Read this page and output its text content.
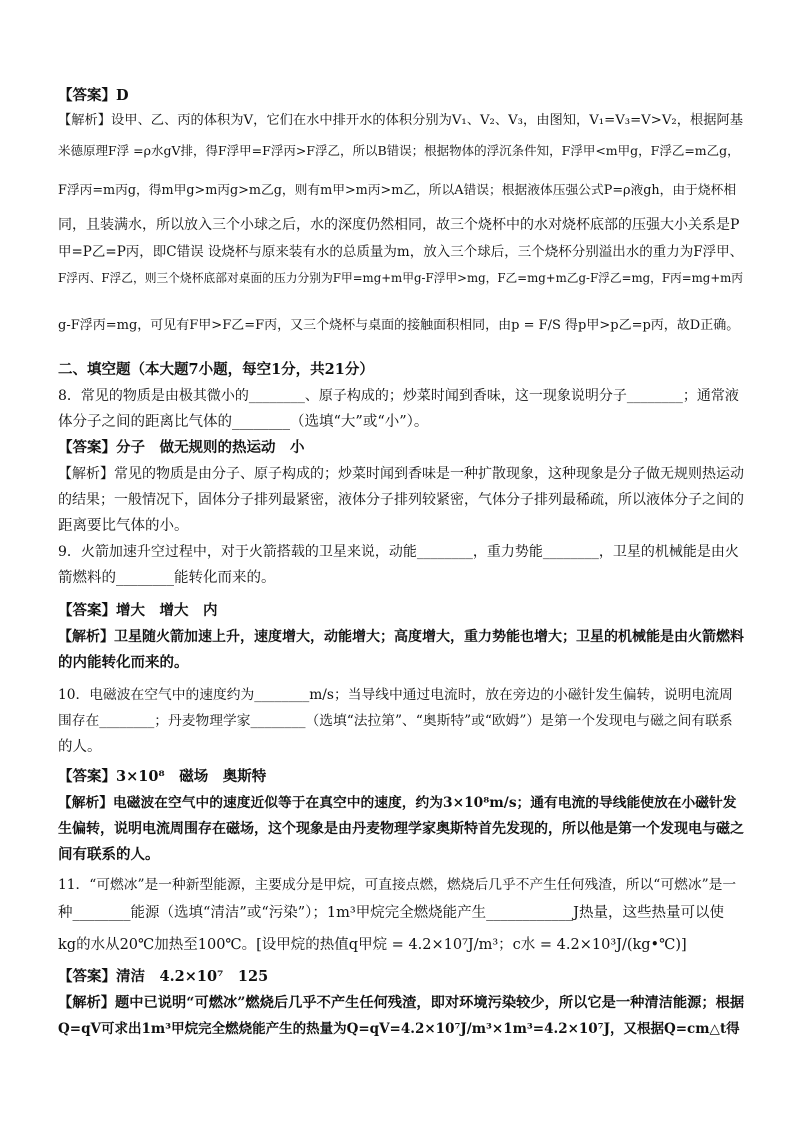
【答案】D
【解析】设甲、乙、丙的体积为V，它们在水中排开水的体积分别为V₁、V₂、V₃，由图知，V₁=V₃=V>V₂，根据阿基
米德原理F浮 =ρ水gV排，得F浮甲=F浮丙>F浮乙，所以B错误；根据物体的浮沉条件知，F浮甲<m甲g，F浮乙=m乙g，
F浮丙=m丙g，得m甲g>m丙g>m乙g，则有m甲>m丙>m乙，所以A错误；根据液体压强公式P=ρ液gh，由于烧杯相
同，且装满水，所以放入三个小球之后，水的深度仍然相同，故三个烧杯中的水对烧杯底部的压强大小关系是P
甲=P乙=P丙，即C错误 设烧杯与原来装有水的总质量为m，放入三个球后，三个烧杯分别溢出水的重力为F浮甲、
F浮丙、F浮乙，则三个烧杯底部对桌面的压力分别为F甲=mg+m甲g-F浮甲>mg，F乙=mg+m乙g-F浮乙=mg，F丙=mg+m丙
g-F浮丙=mg，可见有F甲>F乙=F丙，又三个烧杯与桌面的接触面积相同，由p = F/S 得p甲>p乙=p丙，故D正确。
二、填空题（本大题7小题，每空1分，共21分）
8．常见的物质是由极其微小的________、原子构成的；炒菜时闻到香味，这一现象说明分子________；通常液
体分子之间的距离比气体的________（选填“大”或“小”）。
【答案】分子　做无规则的热运动　小
【解析】常见的物质是由分子、原子构成的；炒菜时闻到香味是一种扩散现象，这种现象是分子做无规则热运动
的结果；一般情况下，固体分子排列最紧密，液体分子排列较紧密，气体分子排列最稀疏，所以液体分子之间的
距离要比气体的小。
9．火箭加速升空过程中，对于火箭搭载的卫星来说，动能________，重力势能________，卫星的机械能是由火
箭燃料的________能转化而来的。
【答案】增大　增大　内
【解析】卫星随火箭加速上升，速度增大，动能增大；高度增大，重力势能也增大；卫星的机械能是由火箭燃料
的内能转化而来的。
10．电磁波在空气中的速度约为________m/s；当导线中通过电流时，放在旁边的小磁针发生偏转，说明电流周
围存在________；丹麦物理学家________（选填“法拉第”、“奥斯特”或“欧姆”）是第一个发现电与磁之间有联系
的人。
【答案】3×10⁸　磁场　奥斯特
【解析】电磁波在空气中的速度近似等于在真空中的速度，约为3×10⁸m/s；通有电流的导线能使放在小磁针发
生偏转，说明电流周围存在磁场，这个现象是由丹麦物理学家奥斯特首先发现的，所以他是第一个发现电与磁之
间有联系的人。
11．“可燃冰”是一种新型能源，主要成分是甲烷，可直接点燃，燃烧后几乎不产生任何残渣，所以“可燃冰”是一
种________能源（选填“清洁”或“污染”）；1m³甲烷完全燃烧能产生____________J热量，这些热量可以使
kg的水从20℃加热至100℃。[设甲烷的热值q甲烷 = 4.2×10⁷J/m³；c水 = 4.2×10³J/(kg•℃)]
【答案】清洁　4.2×10⁷　125
【解析】题中已说明“可燃冰”燃烧后几乎不产生任何残渣，即对环境污染较少，所以它是一种清洁能源；根据
Q=qV可求出1m³甲烷完全燃烧能产生的热量为Q=qV=4.2×10⁷J/m³×1m³=4.2×10⁷J，又根据Q=cm△t得
